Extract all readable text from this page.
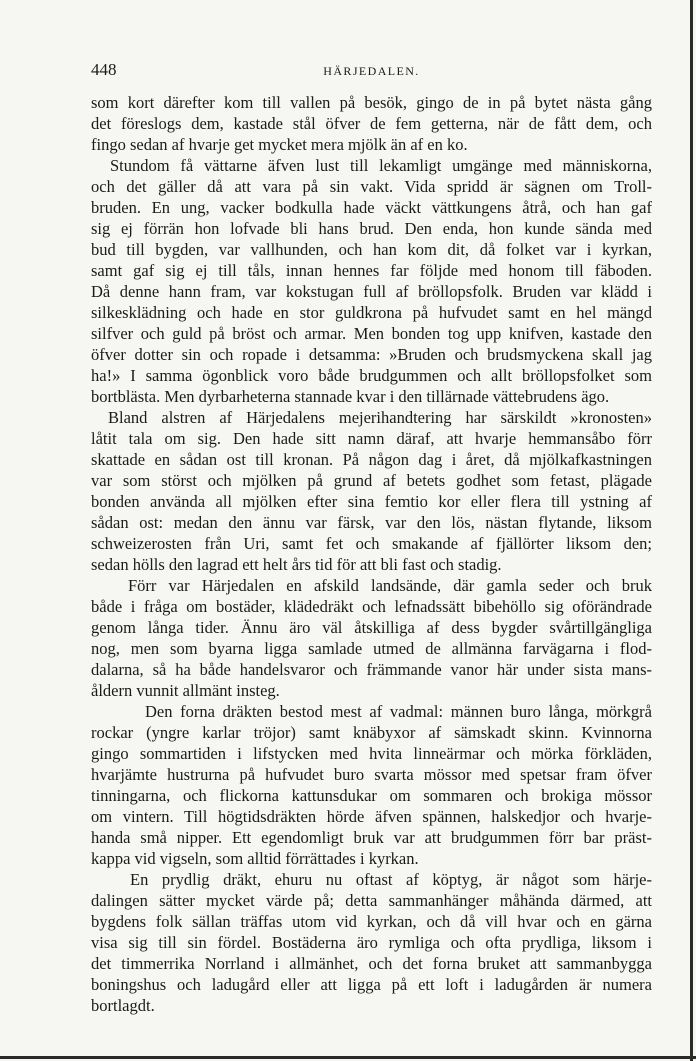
448	HÄRJEDALEN.
som kort därefter kom till vallen på besök, gingo de in på bytet nästa gång
det föreslogs dem, kastade stål öfver de fem getterna, när de fått dem, och
fingo sedan af hvarje get mycket mera mjölk än af en ko.
Stundom få vättarne äfven lust till lekamligt umgänge med människorna,
och det gäller då att vara på sin vakt. Vida spridd är sägnen om Troll-
bruden. En ung, vacker bodkulla hade väckt vättkungens åtrå, och han gaf
sig ej förrän hon lofvade bli hans brud. Den enda, hon kunde sända med
bud till bygden, var vallhunden, och han kom dit, då folket var i kyrkan,
samt gaf sig ej till tåls, innan hennes far följde med honom till fäboden.
Då denne hann fram, var kokstugan full af bröllopsfolk. Bruden var klädd i
silkesklädning och hade en stor guldkrona på hufvudet samt en hel mängd
silfver och guld på bröst och armar. Men bonden tog upp knifven, kastade den
öfver dotter sin och ropade i detsamma: »Bruden och brudsmyckena skall jag
ha!» I samma ögonblick voro både brudgummen och allt bröllopsfolket som
bortblästa. Men dyrbarheterna stannade kvar i den tillärnade vättebrudens ägo.
Bland alstren af Härjedalens mejerihandtering har särskildt »kronosten»
låtit tala om sig. Den hade sitt namn däraf, att hvarje hemmansåbo förr
skattade en sådan ost till kronan. På någon dag i året, då mjölkafkastningen
var som störst och mjölken på grund af betets godhet som fetast, plägade
bonden använda all mjölken efter sina femtio kor eller flera till ystning af
sådan ost: medan den ännu var färsk, var den lös, nästan flytande, liksom
schweizerosten från Uri, samt fet och smakande af fjällörter liksom den;
sedan hölls den lagrad ett helt års tid för att bli fast och stadig.
Förr var Härjedalen en afskild landsände, där gamla seder och bruk
både i fråga om bostäder, klädedräkt och lefnadssätt bibehöllo sig oförändrade
genom långa tider. Ännu äro väl åtskilliga af dess bygder svårtillgängliga
nog, men som byarna ligga samlade utmed de allmänna farvägarna i flod-
dalarna, så ha både handelsvaror och främmande vanor här under sista mans-
åldern vunnit allmänt insteg.
Den forna dräkten bestod mest af vadmal: männen buro långa, mörkgrå
rockar (yngre karlar tröjor) samt knäbyxor af sämskadt skinn. Kvinnorna
gingo sommartiden i lifstycken med hvita linneärmar och mörka förkläden,
hvarjämte hustrurna på hufvudet buro svarta mössor med spetsar fram öfver
tinningarna, och flickorna kattunsdukar om sommaren och brokiga mössor
om vintern. Till högtidsdräkten hörde äfven spännen, halskedjor och hvarje-
handa små nipper. Ett egendomligt bruk var att brudgummen förr bar präst-
kappa vid vigseln, som alltid förrättades i kyrkan.
En prydlig dräkt, ehuru nu oftast af köptyg, är något som härje-
dalingen sätter mycket värde på; detta sammanhänger måhända därmed, att
bygdens folk sällan träffas utom vid kyrkan, och då vill hvar och en gärna
visa sig till sin fördel. Bostäderna äro rymliga och ofta prydliga, liksom i
det timmerrika Norrland i allmänhet, och det forna bruket att sammanbygga
boningshus och ladugård eller att ligga på ett loft i ladugården är numera
bortlagdt.
